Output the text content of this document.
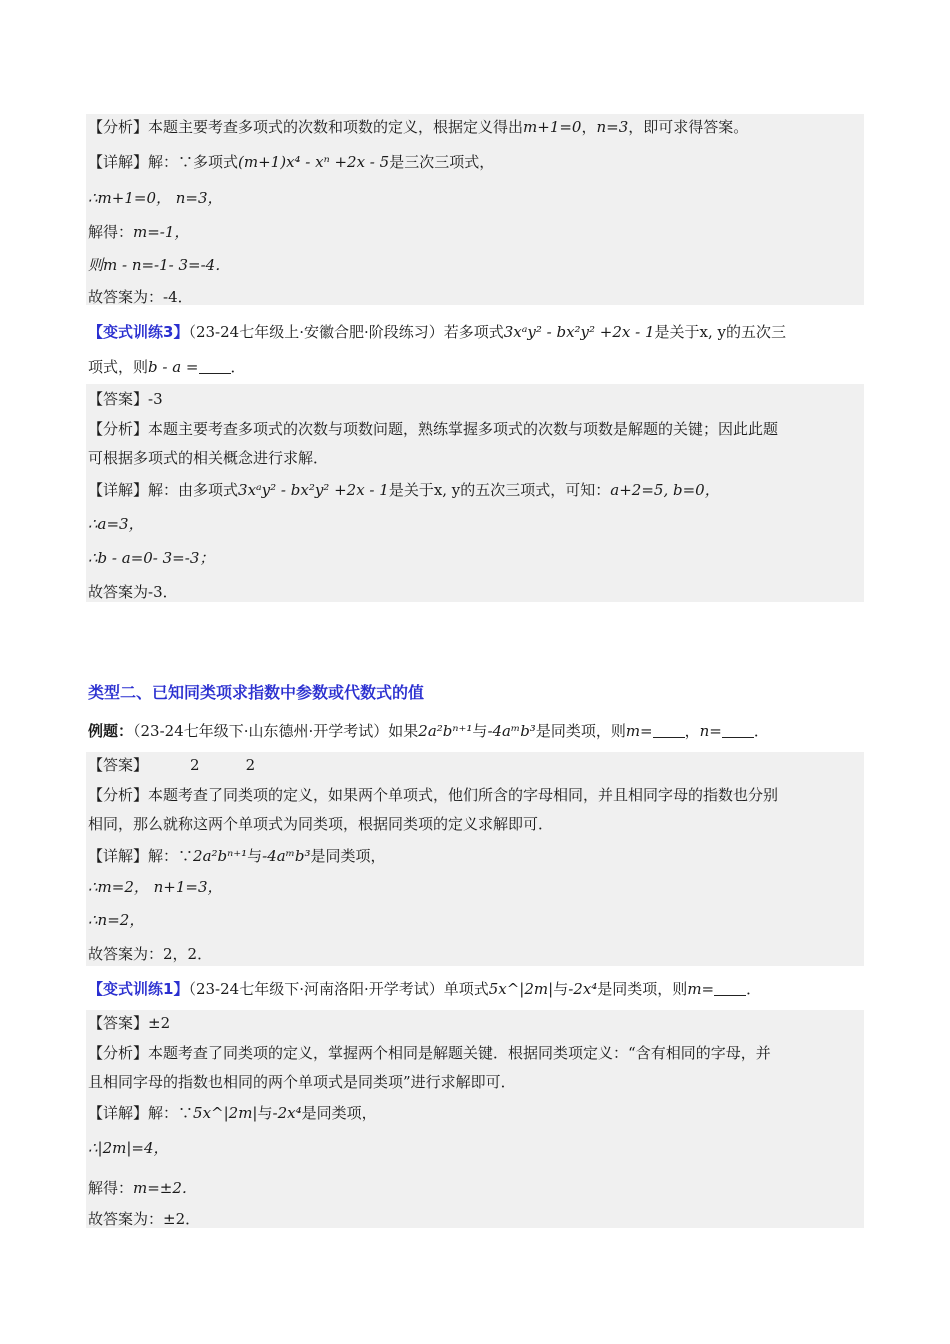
【分析】本题主要考查多项式的次数和项数的定义，根据定义得出m+1=0，n=3，即可求得答案。
【详解】解：∵多项式(m+1)x⁴ - xⁿ +2x - 5是三次三项式，
∴m+1=0， n=3，
解得：m=-1，
则m - n=-1- 3=-4．
故答案为：-4．
【变式训练3】（23-24七年级上·安徽合肥·阶段练习）若多项式3xᵃy² - bx²y² +2x - 1是关于x, y的五次三
项式，则b - a = ．
【答案】-3
【分析】本题主要考查多项式的次数与项数问题，熟练掌握多项式的次数与项数是解题的关键；因此此题
可根据多项式的相关概念进行求解．
【详解】解：由多项式3xᵃy² - bx²y² +2x - 1是关于x, y的五次三项式，可知：a+2=5, b=0，
∴a=3，
∴b - a=0- 3=-3；
故答案为-3．
类型二、已知同类项求指数中参数或代数式的值
例题：（23-24七年级下·山东德州·开学考试）如果2a²bⁿ⁺¹与-4aᵐb³是同类项，则m= ，n= ．
【答案】	2	2
【分析】本题考查了同类项的定义，如果两个单项式，他们所含的字母相同，并且相同字母的指数也分别
相同，那么就称这两个单项式为同类项，根据同类项的定义求解即可．
【详解】解：∵2a²bⁿ⁺¹与-4aᵐb³是同类项，
∴m=2， n+1=3，
∴n=2，
故答案为：2，2．
【变式训练1】（23-24七年级下·河南洛阳·开学考试）单项式5x^|2m|与-2x⁴是同类项，则m= ．
【答案】±2
【分析】本题考查了同类项的定义，掌握两个相同是解题关键．根据同类项定义：“含有相同的字母，并
且相同字母的指数也相同的两个单项式是同类项”进行求解即可．
【详解】解：∵5x^|2m|与-2x⁴是同类项，
∴|2m|=4，
解得：m=±2．
故答案为：±2．
